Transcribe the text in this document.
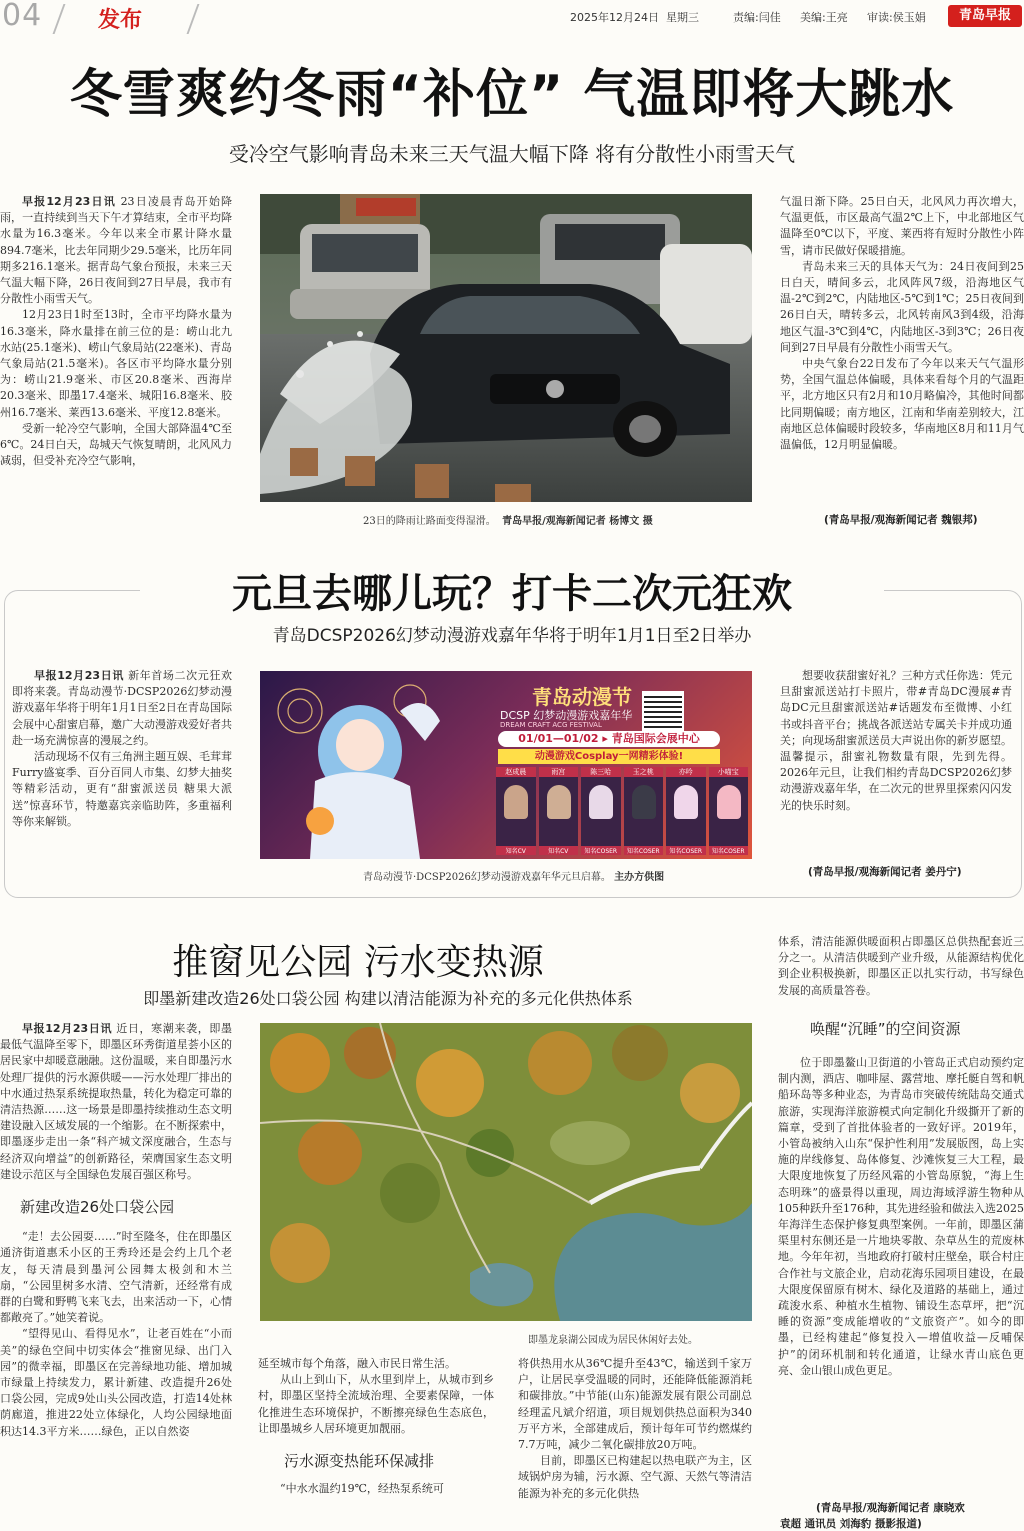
04	发布	2025年12月24日 星期三	责编:闫佳 美编:王亮 审读:侯玉娟	青岛早报
冬雪爽约冬雨“补位” 气温即将大跳水
受冷空气影响青岛未来三天气温大幅下降 将有分散性小雨雪天气

早报12月23日讯 23日凌晨青岛开始降雨，一直持续到当天下午才算结束，全市平均降水量为16.3毫米。今年以来全市累计降水量894.7毫米，比去年同期少29.5毫米，比历年同期多216.1毫米。据青岛气象台预报，未来三天气温大幅下降，26日夜间到27日早晨，我市有分散性小雨雪天气。

12月23日1时至13时，全市平均降水量为16.3毫米，降水量排在前三位的是：崂山北九水站(25.1毫米)、崂山气象局站(22毫米)、青岛气象局站(21.5毫米)。各区市平均降水量分别为：崂山21.9毫米、市区20.8毫米、西海岸20.3毫米、即墨17.4毫米、城阳16.8毫米、胶州16.7毫米、莱西13.6毫米、平度12.8毫米。

受新一轮冷空气影响，全国大部降温4℃至6℃。24日白天，岛城天气恢复晴朗，北风风力减弱，但受补充冷空气影响，

23日的降雨让路面变得湿滑。 青岛早报/观海新闻记者 杨博文 摄

气温日渐下降。25日白天，北风风力再次增大，气温更低，市区最高气温2℃上下，中北部地区气温降至0℃以下，平度、莱西将有短时分散性小阵雪，请市民做好保暖措施。

青岛未来三天的具体天气为：24日夜间到25日白天，晴间多云，北风阵风7级，沿海地区气温-2℃到2℃，内陆地区-5℃到1℃；25日夜间到26日白天，晴转多云，北风转南风3到4级，沿海地区气温-3℃到4℃，内陆地区-3到3℃；26日夜间到27日早晨有分散性小雨雪天气。

中央气象台22日发布了今年以来天气气温形势，全国气温总体偏暖，具体来看每个月的气温距平，北方地区只有2月和10月略偏冷，其他时间都比同期偏暖；南方地区，江南和华南差别较大，江南地区总体偏暖时段较多，华南地区8月和11月气温偏低，12月明显偏暖。

(青岛早报/观海新闻记者 魏银邦)
元旦去哪儿玩？打卡二次元狂欢
青岛DCSP2026幻梦动漫游戏嘉年华将于明年1月1日至2日举办

早报12月23日讯 新年首场二次元狂欢即将来袭。青岛动漫节·DCSP2026幻梦动漫游戏嘉年华将于明年1月1日至2日在青岛国际会展中心甜蜜启幕，邀广大动漫游戏爱好者共赴一场充满惊喜的漫展之约。

活动现场不仅有三角洲主题互娱、毛茸茸Furry盛宴季、百分百同人市集、幻梦大抽奖等精彩活动，更有“甜蜜派送员 糖果大派送”惊喜环节，特邀嘉宾亲临助阵，多重福利等你来解锁。

青岛动漫节
DCSP 幻梦动漫游戏嘉年华
DREAM CRAFT ACG FESTIVAL
01/01—01/02 ▸ 青岛国际会展中心
动漫游戏Cosplay一网精彩体验!
赵成晨
知名CV
雨宫
知名CV
陈三哈
知名COSER
玉之桃
知名COSER
亦吟
知名COSER
小喵宝
知名COSER
青岛动漫节·DCSP2026幻梦动漫游戏嘉年华元旦启幕。 主办方供图

想要收获甜蜜好礼？三种方式任你选：凭元旦甜蜜派送站打卡照片，带#青岛DC漫展#青岛DC元旦甜蜜派送站#话题发布至微博、小红书或抖音平台；挑战各派送站专属关卡并成功通关；向现场甜蜜派送员大声说出你的新岁愿望。温馨提示，甜蜜礼物数量有限，先到先得。2026年元旦，让我们相约青岛DCSP2026幻梦动漫游戏嘉年华，在二次元的世界里探索闪闪发光的快乐时刻。

(青岛早报/观海新闻记者 姜丹宁)
推窗见公园 污水变热源
即墨新建改造26处口袋公园 构建以清洁能源为补充的多元化供热体系

早报12月23日讯 近日，寒潮来袭，即墨最低气温降至零下，即墨区环秀街道星荟小区的居民家中却暖意融融。这份温暖，来自即墨污水处理厂提供的污水源供暖——污水处理厂排出的中水通过热泵系统提取热量，转化为稳定可靠的清洁热源……这一场景是即墨持续推动生态文明建设融入区域发展的一个缩影。在不断探索中，即墨逐步走出一条“科产城文深度融合，生态与经济双向增益”的创新路径，荣膺国家生态文明建设示范区与全国绿色发展百强区称号。

新建改造26处口袋公园

“走！去公园耍……”时至隆冬，住在即墨区通济街道惠禾小区的王秀玲还是会约上几个老友，每天清晨到墨河公园舞太极剑和木兰扇，“公园里树多水清、空气清新，还经常有成群的白鹭和野鸭飞来飞去，出来活动一下，心情都敞亮了。”她笑着说。

“望得见山、看得见水”，让老百姓在“小而美”的绿色空间中切实体会“推窗见绿、出门入园”的微幸福，即墨区在完善绿地功能、增加城市绿量上持续发力，累计新建、改造提升26处口袋公园，完成9处山头公园改造，打造14处林荫廊道，推进22处立体绿化，人均公园绿地面积达14.3平方米……绿色，正以自然姿

即墨龙泉湖公园成为居民休闲好去处。

延至城市每个角落，融入市民日常生活。

从山上到山下，从水里到岸上，从城市到乡村，即墨区坚持全流域治理、全要素保障，一体化推进生态环境保护，不断擦亮绿色生态底色，让即墨城乡人居环境更加靓丽。

污水源变热能环保减排

“中水水温约19℃，经热泵系统可

将供热用水从36℃提升至43℃，输送到千家万户，让居民享受温暖的同时，还能降低能源消耗和碳排放。”中节能(山东)能源发展有限公司副总经理孟凡斌介绍道，项目规划供热总面积为340万平方米，全部建成后，预计每年可节约燃煤约7.7万吨，减少二氧化碳排放20万吨。

目前，即墨区已构建起以热电联产为主，区域锅炉房为辅，污水源、空气源、天然气等清洁能源为补充的多元化供热

体系，清洁能源供暖面积占即墨区总供热配套近三分之一。从清洁供暖到产业升级，从能源结构优化到企业积极换新，即墨区正以扎实行动，书写绿色发展的高质量答卷。

唤醒“沉睡”的空间资源

位于即墨鳌山卫街道的小管岛正式启动预约定制内测，酒店、咖啡屋、露营地、摩托艇自驾和帆船环岛等多种业态，为青岛市突破传统陆岛交通式旅游，实现海洋旅游模式向定制化升级撕开了新的篇章，受到了首批体验者的一致好评。2019年，小管岛被纳入山东“保护性利用”发展版图，岛上实施的岸线修复、岛体修复、沙滩恢复三大工程，最大限度地恢复了历经风霜的小管岛原貌，“海上生态明珠”的盛景得以重现，周边海域浮游生物种从105种跃升至176种，其先进经验和做法入选2025年海洋生态保护修复典型案例。一年前，即墨区蒲渠里村东侧还是一片地块零散、杂草丛生的荒废林地。今年年初，当地政府打破村庄壁垒，联合村庄合作社与文旅企业，启动花海乐园项目建设，在最大限度保留原有树木、绿化及道路的基础上，通过疏浚水系、种植水生植物、铺设生态草坪，把“沉睡的资源”变成能增收的“文旅资产”。如今的即墨，已经构建起“修复投入—增值收益—反哺保护”的闭环机制和转化通道，让绿水青山底色更亮、金山银山成色更足。

(青岛早报/观海新闻记者 康晓欢
袁超 通讯员 刘海豹 摄影报道)
